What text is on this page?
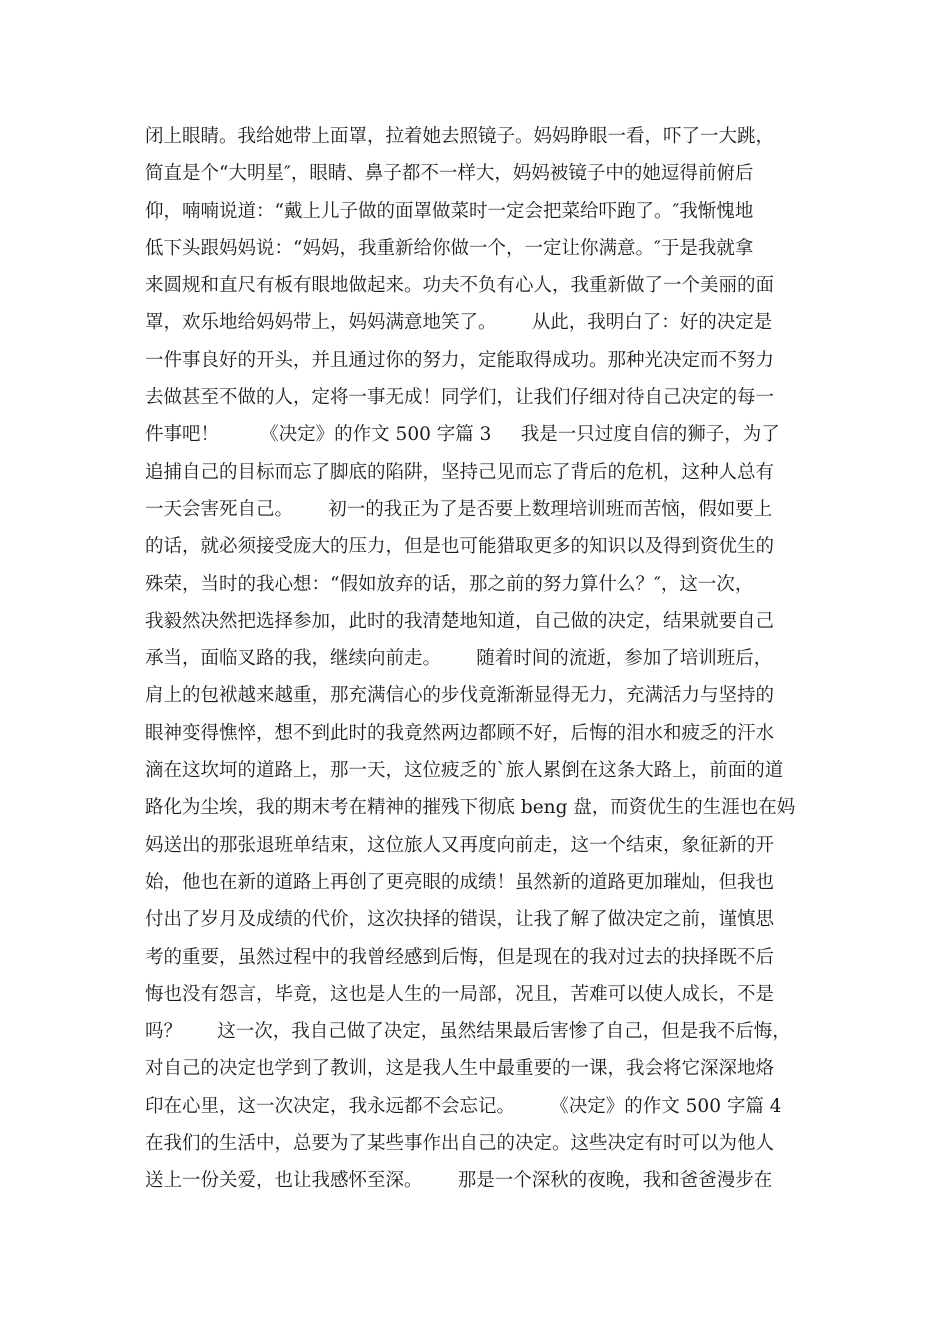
闭上眼睛。我给她带上面罩，拉着她去照镜子。妈妈睁眼一看，吓了一大跳，
简直是个“大明星″，眼睛、鼻子都不一样大，妈妈被镜子中的她逗得前俯后
仰，喃喃说道：“戴上儿子做的面罩做菜时一定会把菜给吓跑了。″我惭愧地
低下头跟妈妈说：“妈妈，我重新给你做一个，一定让你满意。″于是我就拿
来圆规和直尺有板有眼地做起来。功夫不负有心人，我重新做了一个美丽的面
罩，欢乐地给妈妈带上，妈妈满意地笑了。      从此，我明白了：好的决定是
一件事良好的开头，并且通过你的努力，定能取得成功。那种光决定而不努力
去做甚至不做的人，定将一事无成！同学们，让我们仔细对待自己决定的每一
件事吧！       《决定》的作文 500 字篇 3     我是一只过度自信的狮子，为了
追捕自己的目标而忘了脚底的陷阱，坚持己见而忘了背后的危机，这种人总有
一天会害死自己。      初一的我正为了是否要上数理培训班而苦恼，假如要上
的话，就必须接受庞大的压力，但是也可能猎取更多的知识以及得到资优生的
殊荣，当时的我心想：“假如放弃的话，那之前的努力算什么？″，这一次，
我毅然决然把选择参加，此时的我清楚地知道，自己做的决定，结果就要自己
承当，面临叉路的我，继续向前走。      随着时间的流逝，参加了培训班后，
肩上的包袱越来越重，那充满信心的步伐竟渐渐显得无力，充满活力与坚持的
眼神变得憔悴，想不到此时的我竟然两边都顾不好，后悔的泪水和疲乏的汗水
滴在这坎坷的道路上，那一天，这位疲乏的`旅人累倒在这条大路上，前面的道
路化为尘埃，我的期末考在精神的摧残下彻底 beng 盘，而资优生的生涯也在妈
妈送出的那张退班单结束，这位旅人又再度向前走，这一个结束，象征新的开
始，他也在新的道路上再创了更亮眼的成绩！虽然新的道路更加璀灿，但我也
付出了岁月及成绩的代价，这次抉择的错误，让我了解了做决定之前，谨慎思
考的重要，虽然过程中的我曾经感到后悔，但是现在的我对过去的抉择既不后
悔也没有怨言，毕竟，这也是人生的一局部，况且，苦难可以使人成长，不是
吗？      这一次，我自己做了决定，虽然结果最后害惨了自己，但是我不后悔，
对自己的决定也学到了教训，这是我人生中最重要的一课，我会将它深深地烙
印在心里，这一次决定，我永远都不会忘记。      《决定》的作文 500 字篇 4
在我们的生活中，总要为了某些事作出自己的决定。这些决定有时可以为他人
送上一份关爱，也让我感怀至深。      那是一个深秋的夜晚，我和爸爸漫步在
